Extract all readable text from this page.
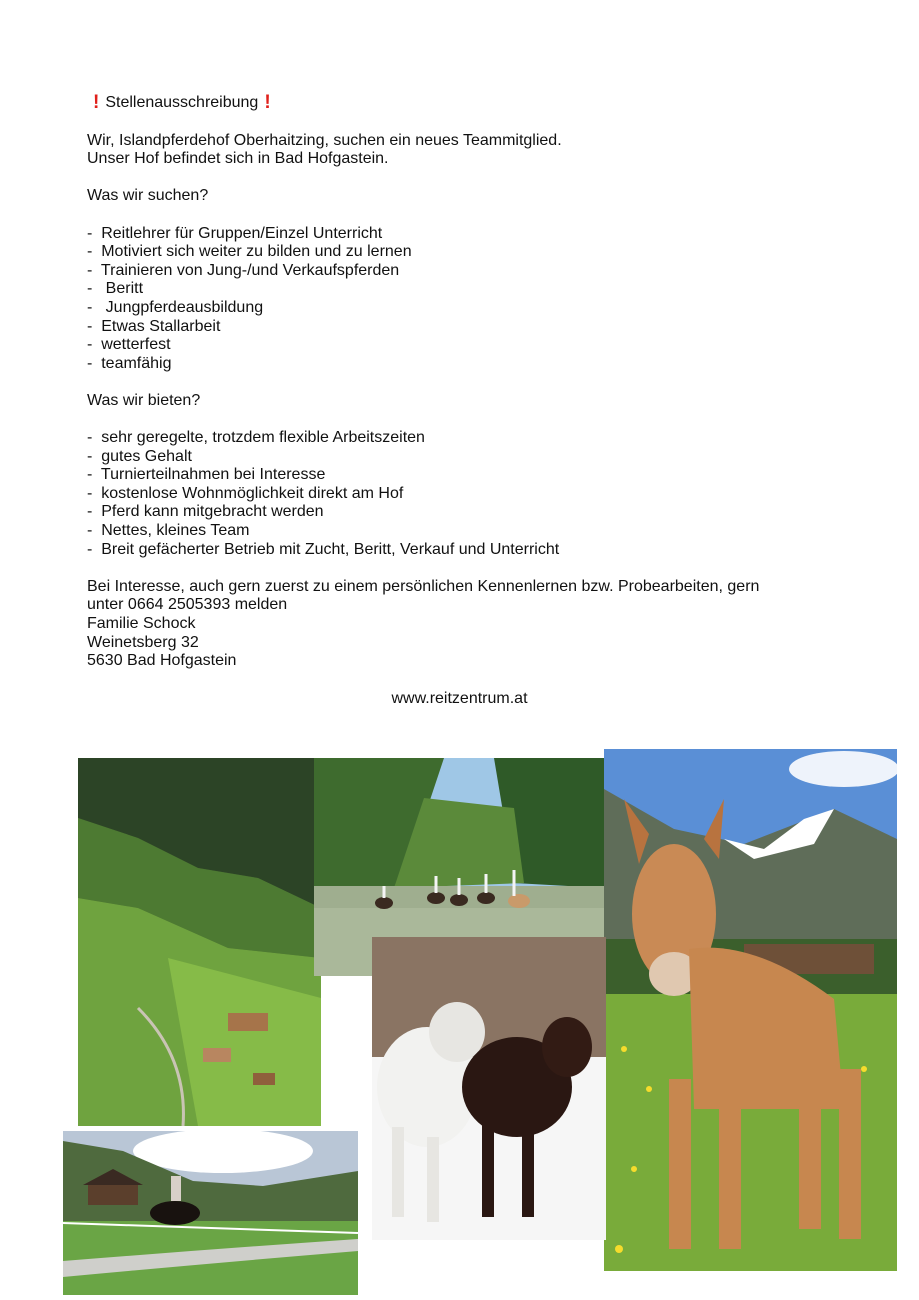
! Stellenausschreibung !
Wir, Islandpferdehof Oberhaitzing, suchen ein neues Teammitglied.
Unser Hof befindet sich in Bad Hofgastein.
Was wir suchen?
-  Reitlehrer für Gruppen/Einzel Unterricht
-  Motiviert sich weiter zu bilden und zu lernen
-  Trainieren von Jung-/und Verkaufspferden
-   Beritt
-   Jungpferdeausbildung
-  Etwas Stallarbeit
-  wetterfest
-  teamfähig
Was wir bieten?
-  sehr geregelte, trotzdem flexible Arbeitszeiten
-  gutes Gehalt
-  Turnierteilnahmen bei Interesse
-  kostenlose Wohnmöglichkeit direkt am Hof
-  Pferd kann mitgebracht werden
-  Nettes, kleines Team
-  Breit gefächerter Betrieb mit Zucht, Beritt, Verkauf und Unterricht
Bei Interesse, auch gern zuerst zu einem persönlichen Kennenlernen bzw. Probearbeiten, gern
unter 0664 2505393 melden
Familie Schock
Weinetsberg 32
5630 Bad Hofgastein
www.reitzentrum.at
